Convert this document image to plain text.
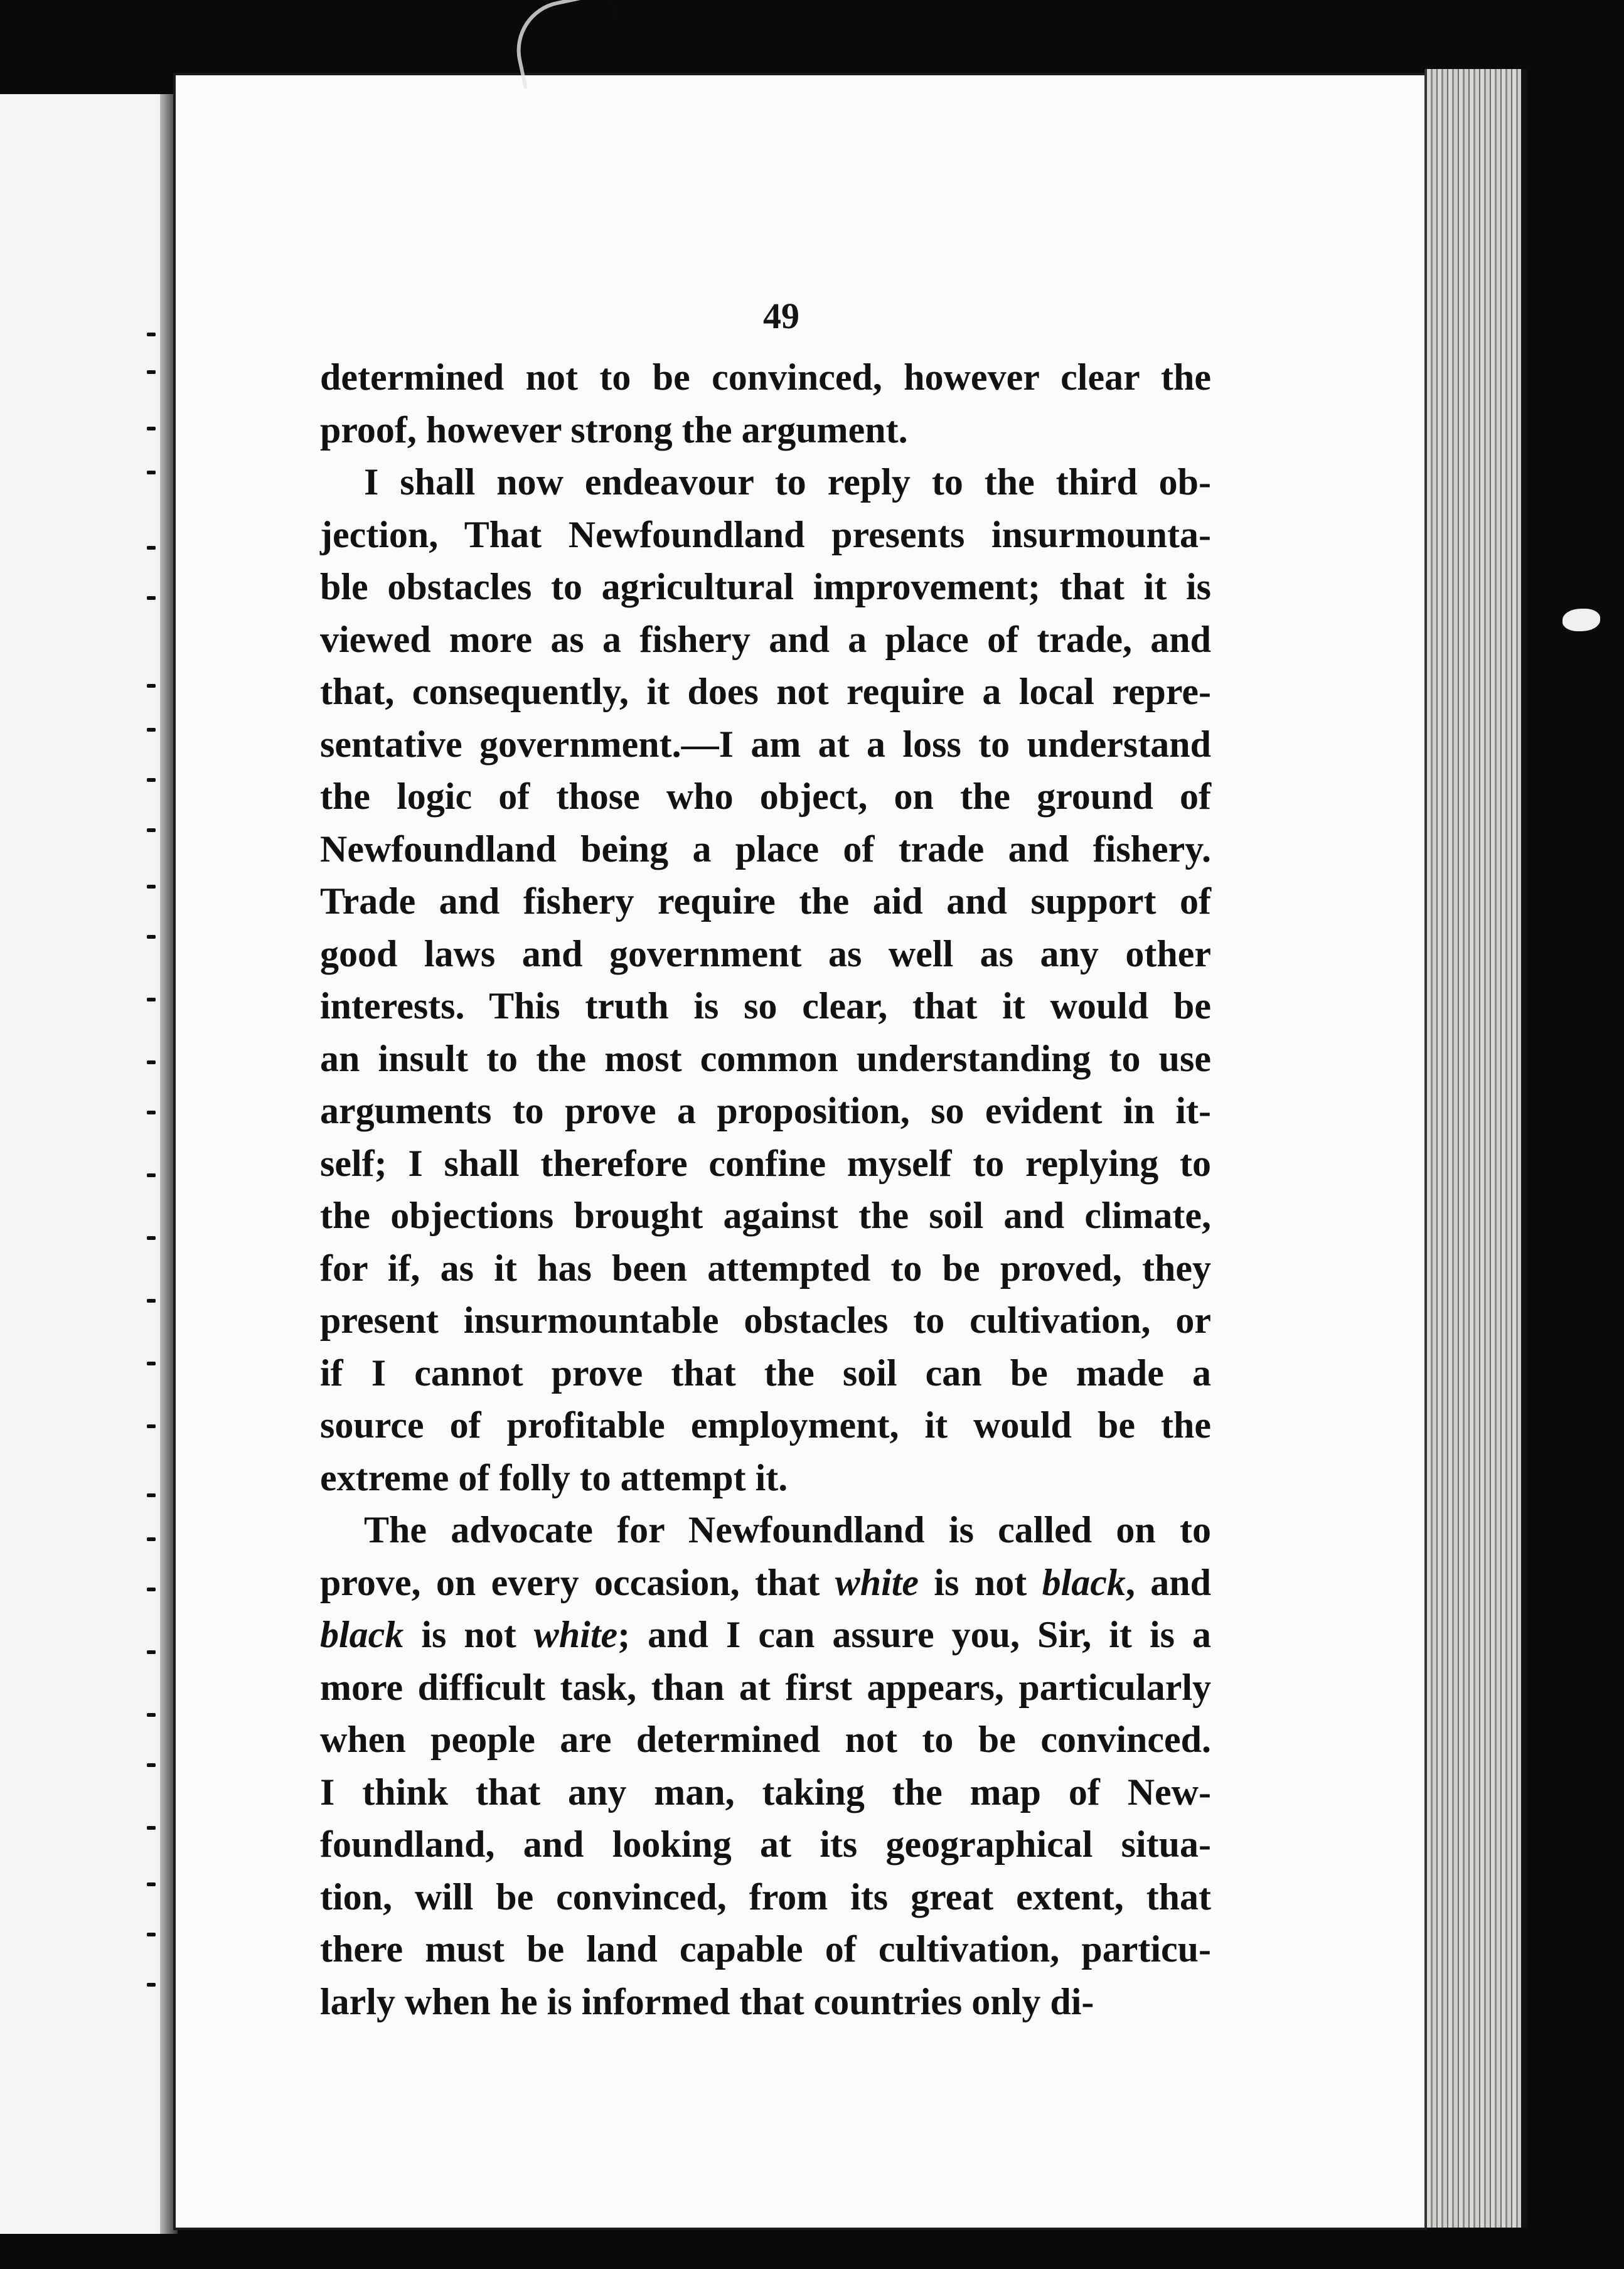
49

determined not to be convinced, however clear the
proof, however strong the argument.

I shall now endeavour to reply to the third ob-
jection, That Newfoundland presents insurmounta-
ble obstacles to agricultural improvement; that it is
viewed more as a fishery and a place of trade, and
that, consequently, it does not require a local repre-
sentative government.—I am at a loss to understand
the logic of those who object, on the ground of
Newfoundland being a place of trade and fishery.
Trade and fishery require the aid and support of
good laws and government as well as any other
interests. This truth is so clear, that it would be
an insult to the most common understanding to use
arguments to prove a proposition, so evident in it-
self; I shall therefore confine myself to replying to
the objections brought against the soil and climate,
for if, as it has been attempted to be proved, they
present insurmountable obstacles to cultivation, or
if I cannot prove that the soil can be made a
source of profitable employment, it would be the
extreme of folly to attempt it.

The advocate for Newfoundland is called on to
prove, on every occasion, that white is not black, and
black is not white; and I can assure you, Sir, it is a
more difficult task, than at first appears, particularly
when people are determined not to be convinced.
I think that any man, taking the map of New-
foundland, and looking at its geographical situa-
tion, will be convinced, from its great extent, that
there must be land capable of cultivation, particu-
larly when he is informed that countries only di-
